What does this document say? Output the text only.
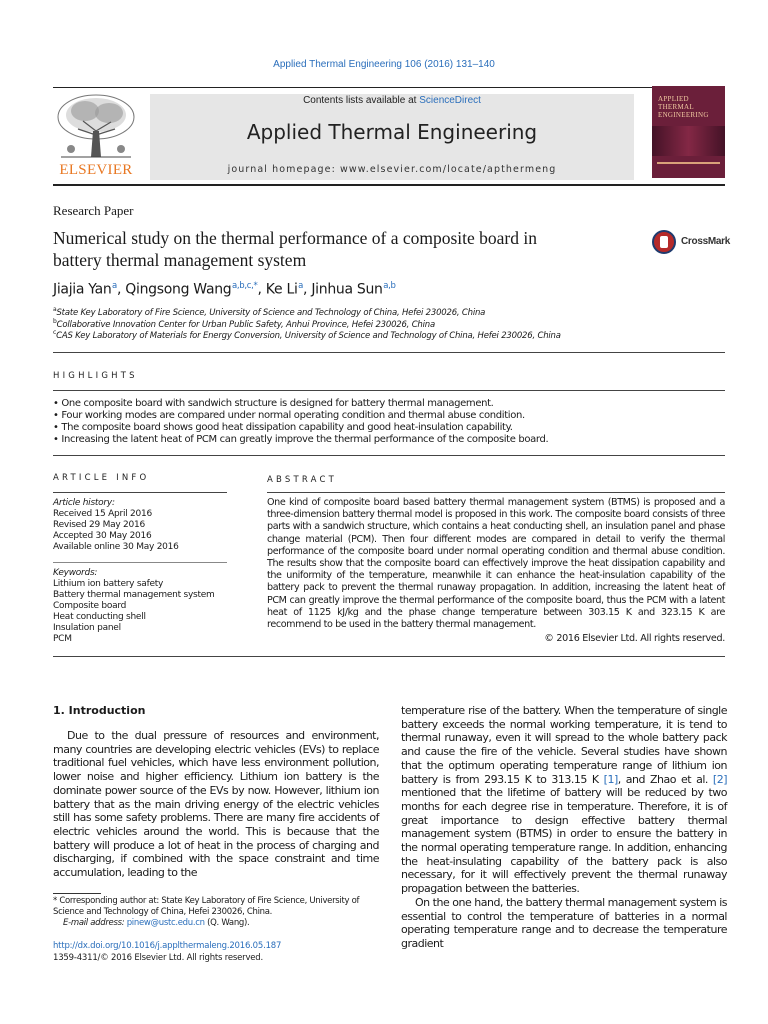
Applied Thermal Engineering 106 (2016) 131–140
ELSEVIER
Contents lists available at ScienceDirect
Applied Thermal Engineering
journal homepage: www.elsevier.com/locate/apthermeng
APPLIED
THERMAL
ENGINEERING
Research Paper
Numerical study on the thermal performance of a composite board in
battery thermal management system
CrossMark
Jiajia Yan $^a$, Qingsong Wang $^{a,b,c,*}$, Ke Li $^a$, Jinhua Sun $^{a,b}$
$^a$State Key Laboratory of Fire Science, University of Science and Technology of China, Hefei 230026, China
$^b$Collaborative Innovation Center for Urban Public Safety, Anhui Province, Hefei 230026, China
$^c$CAS Key Laboratory of Materials for Energy Conversion, University of Science and Technology of China, Hefei 230026, China
HIGHLIGHTS
• One composite board with sandwich structure is designed for battery thermal management.
• Four working modes are compared under normal operating condition and thermal abuse condition.
• The composite board shows good heat dissipation capability and good heat-insulation capability.
• Increasing the latent heat of PCM can greatly improve the thermal performance of the composite board.
ARTICLE INFO
Article history:
Received 15 April 2016
Revised 29 May 2016
Accepted 30 May 2016
Available online 30 May 2016
Keywords:
Lithium ion battery safety
Battery thermal management system
Composite board
Heat conducting shell
Insulation panel
PCM
ABSTRACT
One kind of composite board based battery thermal management system (BTMS) is proposed and a three-dimension battery thermal model is proposed in this work. The composite board consists of three parts with a sandwich structure, which contains a heat conducting shell, an insulation panel and phase change material (PCM). Then four different modes are compared in detail to verify the thermal performance of the composite board under normal operating condition and thermal abuse condition. The results show that the composite board can effectively improve the heat dissipation capability and the uniformity of the temperature, meanwhile it can enhance the heat-insulation capability of the battery pack to prevent the thermal runaway propagation. In addition, increasing the latent heat of PCM can greatly improve the thermal performance of the composite board, thus the PCM with a latent heat of 1125 kJ/kg and the phase change temperature between 303.15 K and 323.15 K are recommend to be used in the battery thermal management.
© 2016 Elsevier Ltd. All rights reserved.
1. Introduction
Due to the dual pressure of resources and environment, many countries are developing electric vehicles (EVs) to replace traditional fuel vehicles, which have less environment pollution, lower noise and higher efficiency. Lithium ion battery is the dominate power source of the EVs by now. However, lithium ion battery that as the main driving energy of the electric vehicles still has some safety problems. There are many fire accidents of electric vehicles around the world. This is because that the battery will produce a lot of heat in the process of charging and discharging, if combined with the space constraint and time accumulation, leading to the
temperature rise of the battery. When the temperature of single battery exceeds the normal working temperature, it is tend to thermal runaway, even it will spread to the whole battery pack and cause the fire of the vehicle. Several studies have shown that the optimum operating temperature range of lithium ion battery is from 293.15 K to 313.15 K [1], and Zhao et al. [2] mentioned that the lifetime of battery will be reduced by two months for each degree rise in temperature. Therefore, it is of great importance to design effective battery thermal management system (BTMS) in order to ensure the battery in the normal operating temperature range. In addition, enhancing the heat-insulating capability of the battery pack is also necessary, for it will effectively prevent the thermal runaway propagation between the batteries.
On the one hand, the battery thermal management system is essential to control the temperature of batteries in a normal operating temperature range and to decrease the temperature gradient
* Corresponding author at: State Key Laboratory of Fire Science, University of Science and Technology of China, Hefei 230026, China.
E-mail address: pinew@ustc.edu.cn (Q. Wang).
http://dx.doi.org/10.1016/j.applthermaleng.2016.05.187
1359-4311/© 2016 Elsevier Ltd. All rights reserved.
